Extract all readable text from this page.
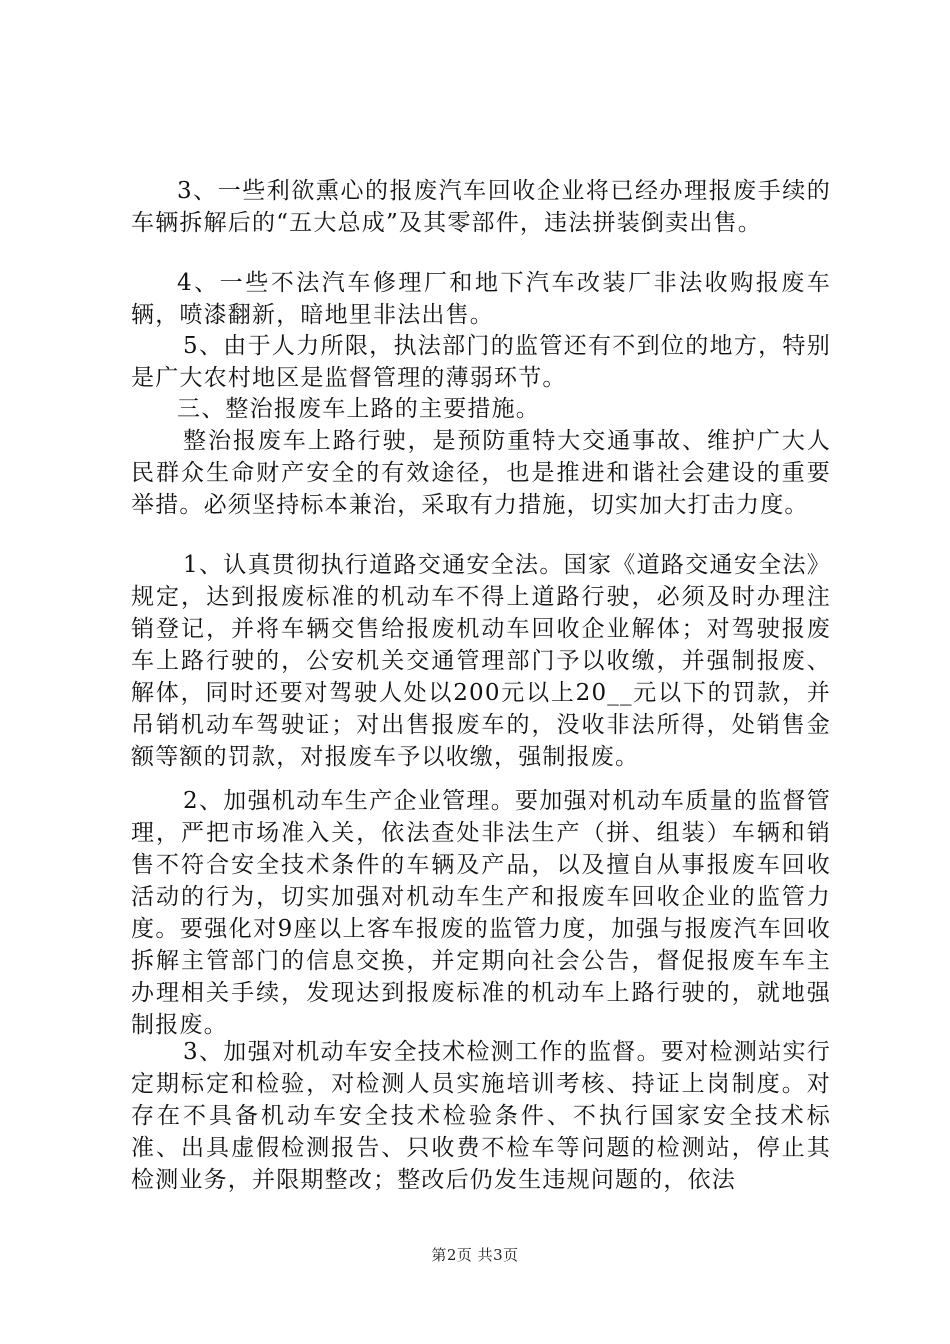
3、一些利欲熏心的报废汽车回收企业将已经办理报废手续的车辆拆解后的“五大总成”及其零部件，违法拼装倒卖出售。

4、一些不法汽车修理厂和地下汽车改装厂非法收购报废车辆，喷漆翻新，暗地里非法出售。

5、由于人力所限，执法部门的监管还有不到位的地方，特别是广大农村地区是监督管理的薄弱环节。

三、整治报废车上路的主要措施。

整治报废车上路行驶，是预防重特大交通事故、维护广大人民群众生命财产安全的有效途径，也是推进和谐社会建设的重要举措。必须坚持标本兼治，采取有力措施，切实加大打击力度。

1、认真贯彻执行道路交通安全法。国家《道路交通安全法》规定，达到报废标准的机动车不得上道路行驶，必须及时办理注销登记，并将车辆交售给报废机动车回收企业解体；对驾驶报废车上路行驶的，公安机关交通管理部门予以收缴，并强制报废、解体，同时还要对驾驶人处以200元以上20__元以下的罚款，并吊销机动车驾驶证；对出售报废车的，没收非法所得，处销售金额等额的罚款，对报废车予以收缴，强制报废。

2、加强机动车生产企业管理。要加强对机动车质量的监督管理，严把市场准入关，依法查处非法生产（拼、组装）车辆和销售不符合安全技术条件的车辆及产品，以及擅自从事报废车回收活动的行为，切实加强对机动车生产和报废车回收企业的监管力度。要强化对9座以上客车报废的监管力度，加强与报废汽车回收拆解主管部门的信息交换，并定期向社会公告，督促报废车车主办理相关手续，发现达到报废标准的机动车上路行驶的，就地强制报废。

3、加强对机动车安全技术检测工作的监督。要对检测站实行定期标定和检验，对检测人员实施培训考核、持证上岗制度。对存在不具备机动车安全技术检验条件、不执行国家安全技术标准、出具虚假检测报告、只收费不检车等问题的检测站，停止其检测业务，并限期整改；整改后仍发生违规问题的，依法

第2页 共3页
